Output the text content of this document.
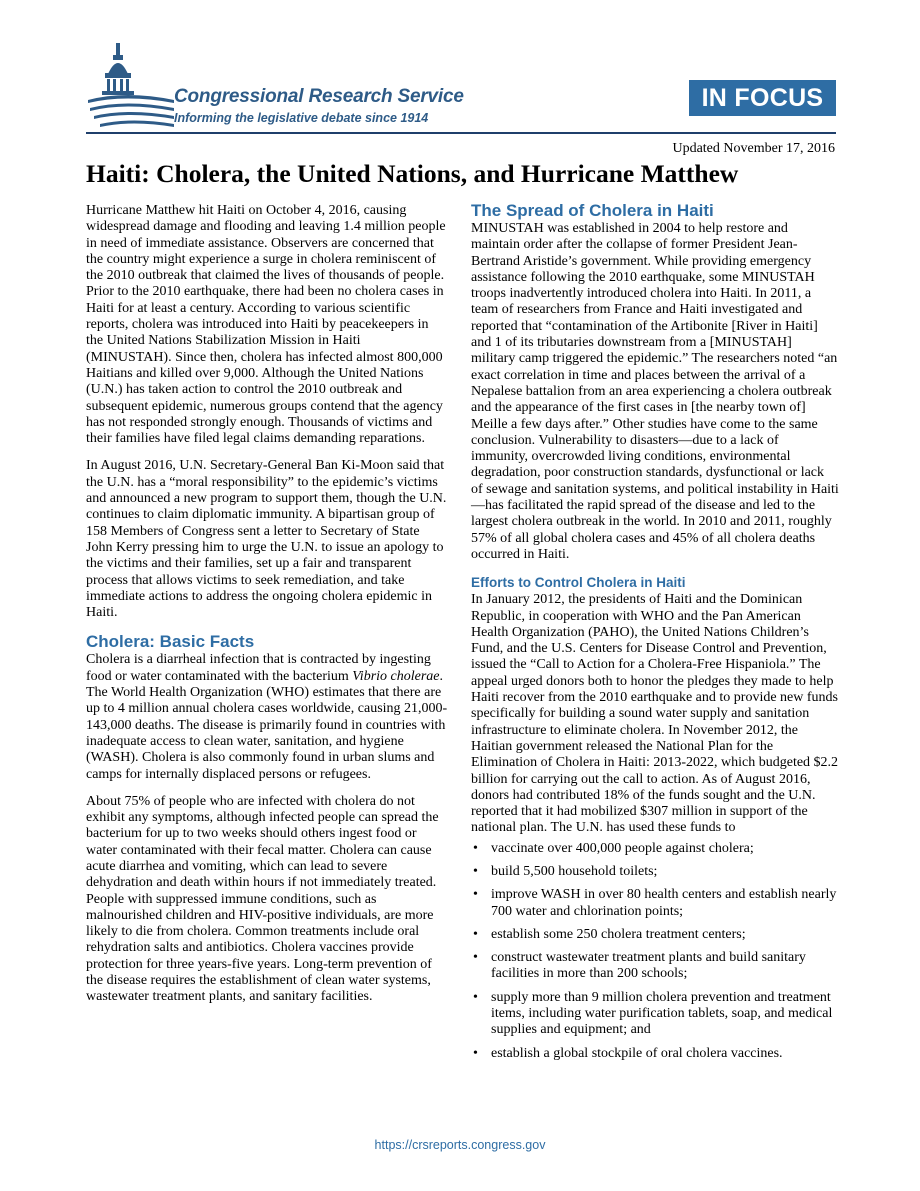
Congressional Research Service
Informing the legislative debate since 1914
IN FOCUS
Updated November 17, 2016
Haiti: Cholera, the United Nations, and Hurricane Matthew

Hurricane Matthew hit Haiti on October 4, 2016, causing widespread damage and flooding and leaving 1.4 million people in need of immediate assistance. Observers are concerned that the country might experience a surge in cholera reminiscent of the 2010 outbreak that claimed the lives of thousands of people. Prior to the 2010 earthquake, there had been no cholera cases in Haiti for at least a century. According to various scientific reports, cholera was introduced into Haiti by peacekeepers in the United Nations Stabilization Mission in Haiti (MINUSTAH). Since then, cholera has infected almost 800,000 Haitians and killed over 9,000. Although the United Nations (U.N.) has taken action to control the 2010 outbreak and subsequent epidemic, numerous groups contend that the agency has not responded strongly enough. Thousands of victims and their families have filed legal claims demanding reparations.

In August 2016, U.N. Secretary-General Ban Ki-Moon said that the U.N. has a “moral responsibility” to the epidemic’s victims and announced a new program to support them, though the U.N. continues to claim diplomatic immunity. A bipartisan group of 158 Members of Congress sent a letter to Secretary of State John Kerry pressing him to urge the U.N. to issue an apology to the victims and their families, set up a fair and transparent process that allows victims to seek remediation, and take immediate actions to address the ongoing cholera epidemic in Haiti.

Cholera: Basic Facts

Cholera is a diarrheal infection that is contracted by ingesting food or water contaminated with the bacterium Vibrio cholerae. The World Health Organization (WHO) estimates that there are up to 4 million annual cholera cases worldwide, causing 21,000-143,000 deaths. The disease is primarily found in countries with inadequate access to clean water, sanitation, and hygiene (WASH). Cholera is also commonly found in urban slums and camps for internally displaced persons or refugees.

About 75% of people who are infected with cholera do not exhibit any symptoms, although infected people can spread the bacterium for up to two weeks should others ingest food or water contaminated with their fecal matter. Cholera can cause acute diarrhea and vomiting, which can lead to severe dehydration and death within hours if not immediately treated. People with suppressed immune conditions, such as malnourished children and HIV-positive individuals, are more likely to die from cholera. Common treatments include oral rehydration salts and antibiotics. Cholera vaccines provide protection for three years-five years. Long-term prevention of the disease requires the establishment of clean water systems, wastewater treatment plants, and sanitary facilities.

The Spread of Cholera in Haiti

MINUSTAH was established in 2004 to help restore and maintain order after the collapse of former President Jean-Bertrand Aristide’s government. While providing emergency assistance following the 2010 earthquake, some MINUSTAH troops inadvertently introduced cholera into Haiti. In 2011, a team of researchers from France and Haiti investigated and reported that “contamination of the Artibonite [River in Haiti] and 1 of its tributaries downstream from a [MINUSTAH] military camp triggered the epidemic.” The researchers noted “an exact correlation in time and places between the arrival of a Nepalese battalion from an area experiencing a cholera outbreak and the appearance of the first cases in [the nearby town of] Meille a few days after.” Other studies have come to the same conclusion. Vulnerability to disasters—due to a lack of immunity, overcrowded living conditions, environmental degradation, poor construction standards, dysfunctional or lack of sewage and sanitation systems, and political instability in Haiti—has facilitated the rapid spread of the disease and led to the largest cholera outbreak in the world. In 2010 and 2011, roughly 57% of all global cholera cases and 45% of all cholera deaths occurred in Haiti.

Efforts to Control Cholera in Haiti

In January 2012, the presidents of Haiti and the Dominican Republic, in cooperation with WHO and the Pan American Health Organization (PAHO), the United Nations Children’s Fund, and the U.S. Centers for Disease Control and Prevention, issued the “Call to Action for a Cholera-Free Hispaniola.” The appeal urged donors both to honor the pledges they made to help Haiti recover from the 2010 earthquake and to provide new funds specifically for building a sound water supply and sanitation infrastructure to eliminate cholera. In November 2012, the Haitian government released the National Plan for the Elimination of Cholera in Haiti: 2013-2022, which budgeted $2.2 billion for carrying out the call to action. As of August 2016, donors had contributed 18% of the funds sought and the U.N. reported that it had mobilized $307 million in support of the national plan. The U.N. has used these funds to

• vaccinate over 400,000 people against cholera;
• build 5,500 household toilets;
• improve WASH in over 80 health centers and establish nearly 700 water and chlorination points;
• establish some 250 cholera treatment centers;
• construct wastewater treatment plants and build sanitary facilities in more than 200 schools;
• supply more than 9 million cholera prevention and treatment items, including water purification tablets, soap, and medical supplies and equipment; and
• establish a global stockpile of oral cholera vaccines.
https://crsreports.congress.gov
